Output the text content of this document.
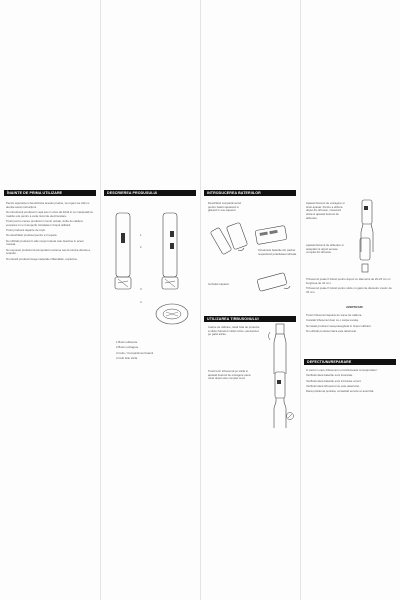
ÎNAINTE DE PRIMA UTILIZARE

Pentru siguranța si beneficiului acestui produs, va rugam sa citiți cu atenție acest instrucțiuni.

Nu introduceți produsul in apa sau in orice alt lichid si nu manipulați cu mainile ude pentru a evita riscul de electrocutare.

Tineti pentru mereu produsul in locuri uscate, ferite de caldura excesiva si nu il acoperiti niciodata in timpul utilizarii.

Tineti produsul departe de copii.

Nu deschideti produsul pentru a il repara.

Nu utilizati produsul in alte scopuri decat cele descrise in acest manual.

Nu expuneti produsul la temperaturi extreme sau la lumina directa a soarelui.

Nu folositi produsul langa materiale inflamabile, explozive.

DESCRIEREA PRODUSULUI
1
2
3
4

1.Buton eliberare

2.Buton extragere

3.Cutie / Compartiment baterii

4.Cutit folie sticla

INTRODUCEREA BATERIILOR
Deschideti compartimentul pentru baterii apasand si glisand in sus capacul.
Introduceti bateriile din pachet respectand polaritatea indicata.
Inchideti capacul.
UTILIZAREA TIRBUSONULUI
Inainte de utilizare, taiati folia de protectie a sticlei folosind cutitul inclus, asezandu-l pe gatul sticlei.
Tineti ferm tirbusonul pe sticla si apasati butonul de extragere pana cand dopul este complet scos.
Apasati butonul de extragere si tineti apasat. Pentru a elibera dopul din tirbuson, intoarceti sticla si apasati butonul de eliberare.
Apasati butonul de eliberare si asteptati ca dopul sa iasa complet din tirbuson.

Tirbusonul poate fi folosit pentru dopuri cu diametrul de 20-23 mm si lungimea de 44 mm.

Tirbusonul poate fi folosit pentru sticle cu gatul de diametru maxim de 33 mm.

AVERTIZARI

Tineti tirbusonul departe de surse de caldura.

Curatati tirbusonul doar cu o carpa uscata.

Nu lasati produsul nesupravegheat in timpul utilizarii.

Nu utilizati produsul daca este deteriorat.

DEFECTIUNI/REPARARE

In cazul in care tirbusonul nu functioneaza corespunzator:

Verificati daca bateriile sunt incarcate.

Verificati daca bateriile sunt introduse corect.

Verificati daca tirbusonul nu este deteriorat.

Daca problema persista, contactati service-ul autorizat.
